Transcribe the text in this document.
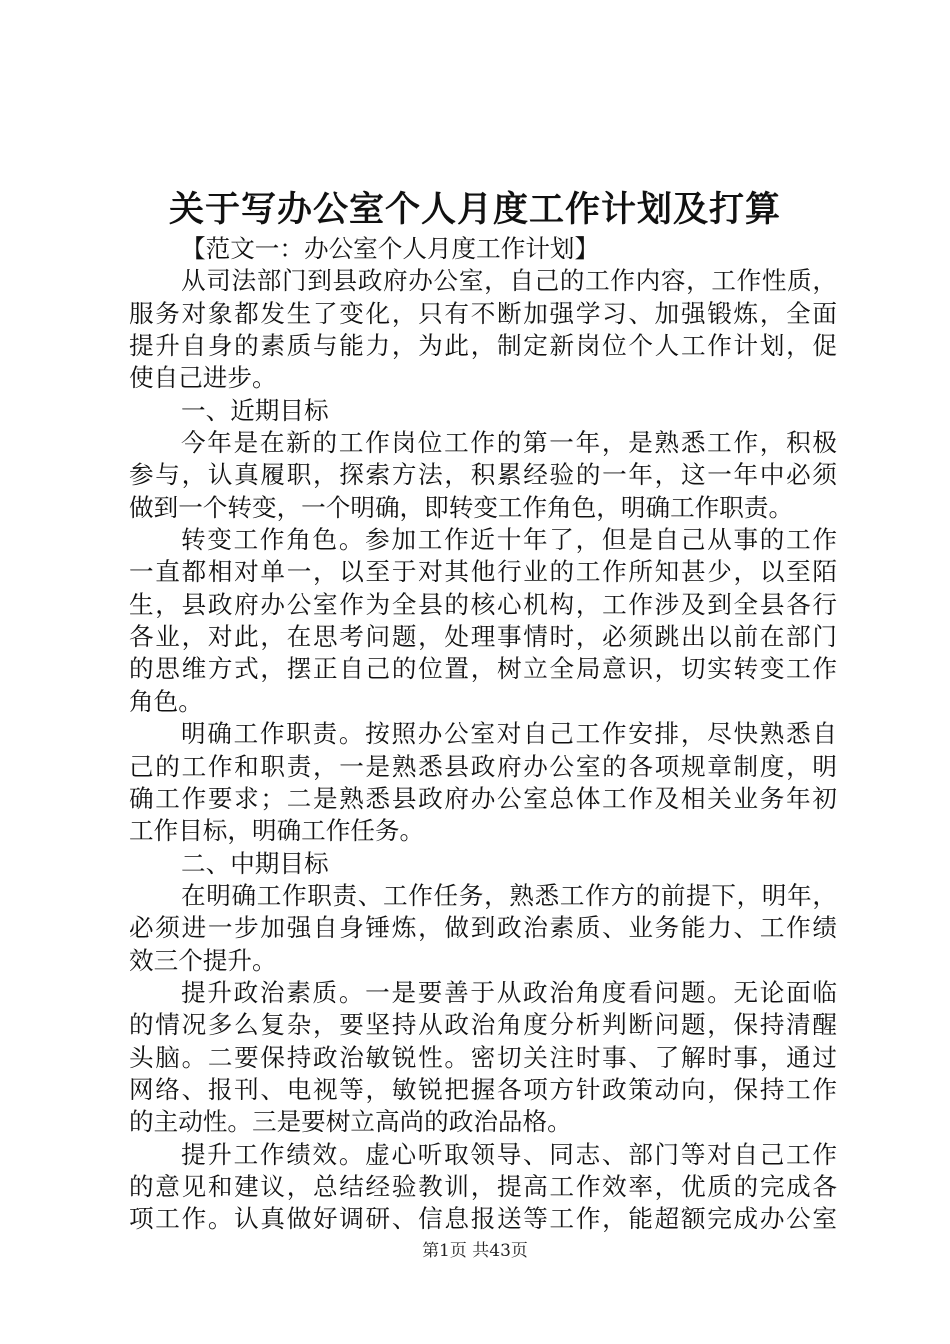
关于写办公室个人月度工作计划及打算
【范文一：办公室个人月度工作计划】
从司法部门到县政府办公室，自己的工作内容，工作性质，
服务对象都发生了变化，只有不断加强学习、加强锻炼，全面
提升自身的素质与能力，为此，制定新岗位个人工作计划，促
使自己进步。
一、近期目标
今年是在新的工作岗位工作的第一年，是熟悉工作，积极
参与，认真履职，探索方法，积累经验的一年，这一年中必须
做到一个转变，一个明确，即转变工作角色，明确工作职责。
转变工作角色。参加工作近十年了，但是自己从事的工作
一直都相对单一，以至于对其他行业的工作所知甚少，以至陌
生，县政府办公室作为全县的核心机构，工作涉及到全县各行
各业，对此，在思考问题，处理事情时，必须跳出以前在部门
的思维方式，摆正自己的位置，树立全局意识，切实转变工作
角色。
明确工作职责。按照办公室对自己工作安排，尽快熟悉自
己的工作和职责，一是熟悉县政府办公室的各项规章制度，明
确工作要求；二是熟悉县政府办公室总体工作及相关业务年初
工作目标，明确工作任务。
二、中期目标
在明确工作职责、工作任务，熟悉工作方的前提下，明年，
必须进一步加强自身锤炼，做到政治素质、业务能力、工作绩
效三个提升。
提升政治素质。一是要善于从政治角度看问题。无论面临
的情况多么复杂，要坚持从政治角度分析判断问题，保持清醒
头脑。二要保持政治敏锐性。密切关注时事、了解时事，通过
网络、报刊、电视等，敏锐把握各项方针政策动向，保持工作
的主动性。三是要树立高尚的政治品格。
提升工作绩效。虚心听取领导、同志、部门等对自己工作
的意见和建议，总结经验教训，提高工作效率，优质的完成各
项工作。认真做好调研、信息报送等工作，能超额完成办公室
第1页 共43页
